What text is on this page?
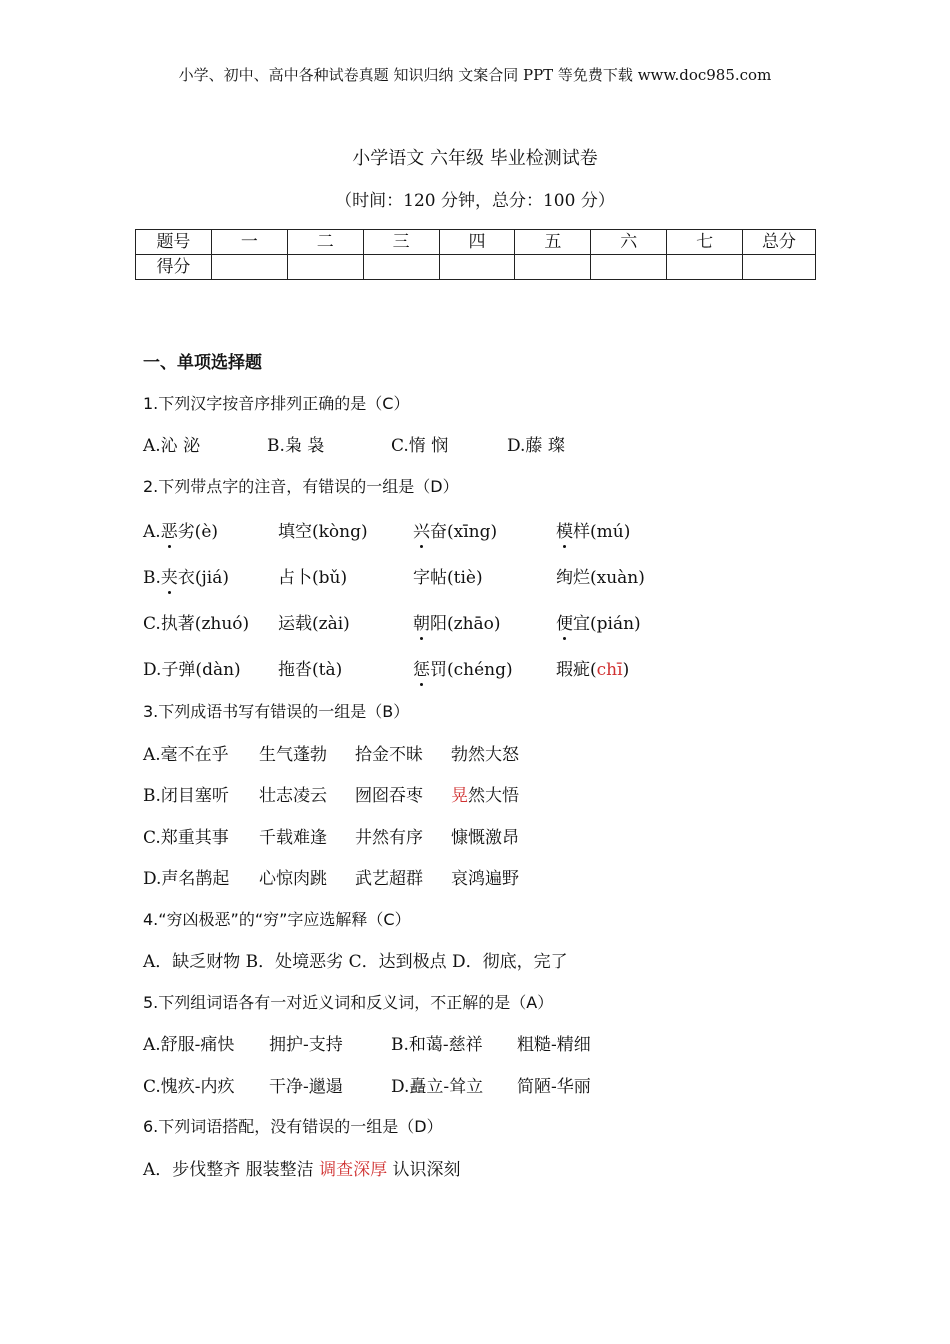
小学、初中、高中各种试卷真题 知识归纳 文案合同 PPT 等免费下载 www.doc985.com
小学语文 六年级 毕业检测试卷
（时间：120 分钟，总分：100 分）
题号	一	二	三	四	五	六	七	总分
得分								
一、单项选择题
1.下列汉字按音序排列正确的是（C）
A.沁 泌	B.枭 袅	C.惰 悯	D.藤 璨
2.下列带点字的注音，有错误的一组是（D）
A.恶劣(è)	填空(kòng)	兴奋(xīng)	模样(mú)
B.夹衣(jiá)	占卜(bǔ)	字帖(tiè)	绚烂(xuàn)
C.执著(zhuó)	运载(zài)	朝阳(zhāo)	便宜(pián)
D.子弹(dàn)	拖沓(tà)	惩罚(chéng)	瑕疵(chī)
3.下列成语书写有错误的一组是（B）
A.毫不在乎	生气蓬勃	拾金不昧	勃然大怒
B.闭目塞听	壮志凌云	囫囵吞枣	晃然大悟
C.郑重其事	千载难逢	井然有序	慷慨激昂
D.声名鹊起	心惊肉跳	武艺超群	哀鸿遍野
4.“穷凶极恶”的“穷”字应选解释（C）
A．缺乏财物 B．处境恶劣 C．达到极点 D．彻底，完了
5.下列组词语各有一对近义词和反义词，不正解的是（A）
A.舒服-痛快	拥护-支持	B.和蔼-慈祥	粗糙-精细
C.愧疚-内疚	干净-邋遢	D.矗立-耸立	简陋-华丽
6.下列词语搭配，没有错误的一组是（D）
A．步伐整齐 服装整洁 调查深厚 认识深刻
